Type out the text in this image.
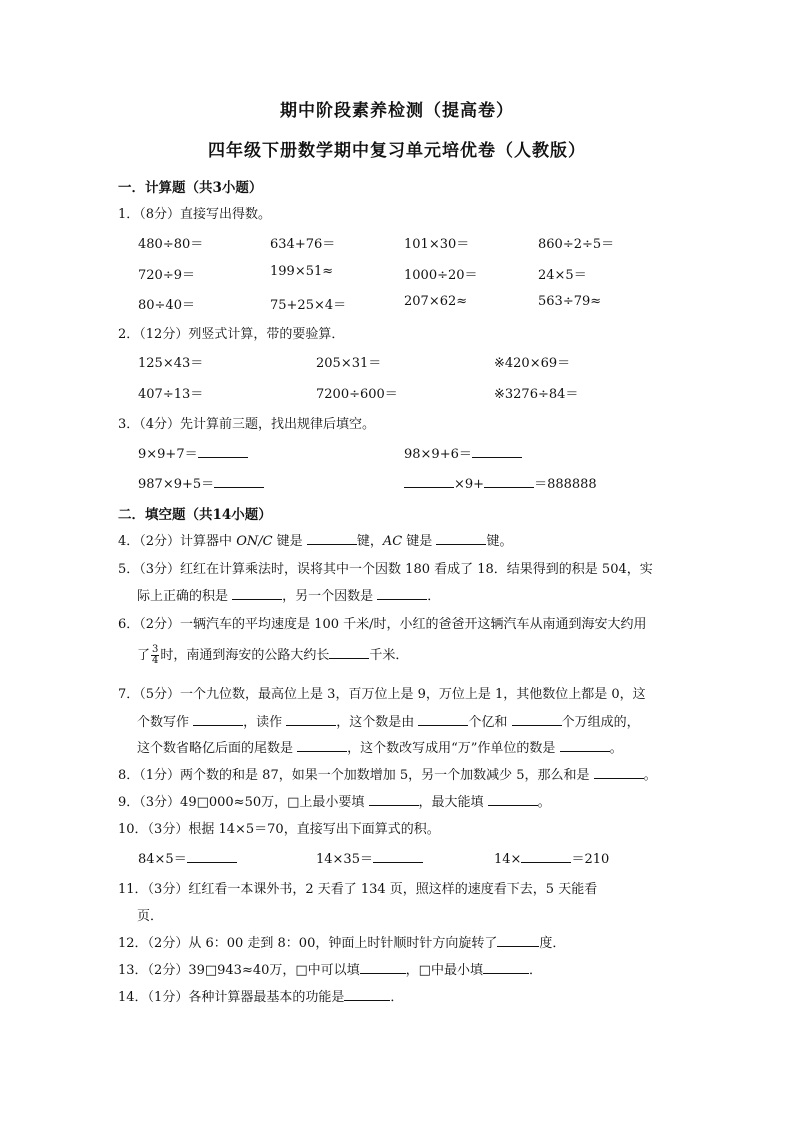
期中阶段素养检测（提高卷）
四年级下册数学期中复习单元培优卷（人教版）
一．计算题（共3小题）
1．（8分）直接写出得数。
480÷80＝	634+76＝	101×30＝	860÷2÷5＝
720÷9＝	199×51≈	1000÷20＝	24×5＝
80÷40＝	75+25×4＝	207×62≈	563÷79≈
2．（12分）列竖式计算，带的要验算．
125×43＝	205×31＝	※420×69＝
407÷13＝	7200÷600＝	※3276÷84＝
3．（4分）先计算前三题，找出规律后填空。
9×9+7＝	98×9+6＝
987×9+5＝	×9+	＝888888
二．填空题（共14小题）
4．（2分）计算器中 ON/C 键是	键，AC 键是	键。
5．（3分）红红在计算乘法时，误将其中一个因数 180 看成了 18．结果得到的积是 504，实
际上正确的积是	，另一个因数是	．
6．（2分）一辆汽车的平均速度是 100 千米/时，小红的爸爸开这辆汽车从南通到海安大约用
了 $\frac{3}{4}$ 时，南通到海安的公路大约长	千米．
7．（5分）一个九位数，最高位上是 3，百万位上是 9，万位上是 1，其他数位上都是 0，这
个数写作	，读作	，这个数是由	个亿和	个万组成的，
这个数省略亿后面的尾数是	，这个数改写成用“万”作单位的数是	。
8．（1分）两个数的和是 87，如果一个加数增加 5，另一个加数减少 5，那么和是	。
9．（3分）49□000≈50万，□上最小要填	，最大能填	。
10．（3分）根据 14×5＝70，直接写出下面算式的积。
84×5＝	14×35＝	14×	＝210
11．（3分）红红看一本课外书，2 天看了 134 页，照这样的速度看下去，5 天能看
页．
12．（2分）从 6：00 走到 8：00，钟面上时针顺时针方向旋转了	度．
13．（2分）39□943≈40万，□中可以填	，□中最小填	．
14．（1分）各种计算器最基本的功能是	．
